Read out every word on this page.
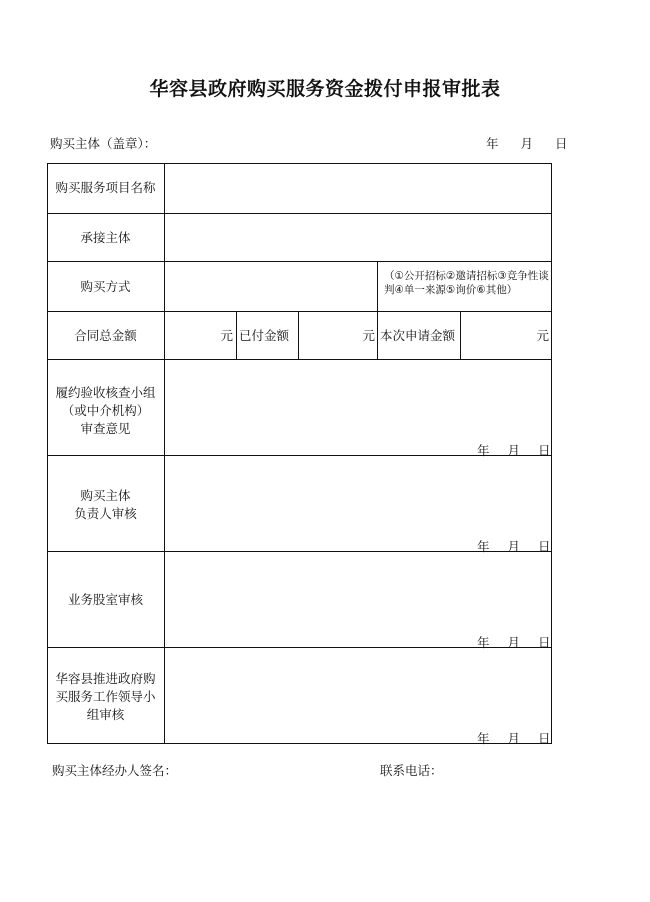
华容县政府购买服务资金拨付申报审批表
购买主体（盖章）：	年 月 日
购买服务项目名称
承接主体
购买方式
（①公开招标②邀请招标③竞争性谈判④单一来源⑤询价⑥其他）
合同总金额	元 已付金额	元 本次申请金额	元
履约验收核查小组
（或中介机构）
审查意见
年 月 日
购买主体
负责人审核
年 月 日
业务股室审核
年 月 日
华容县推进政府购
买服务工作领导小
组审核
年 月 日
购买主体经办人签名：	联系电话：
